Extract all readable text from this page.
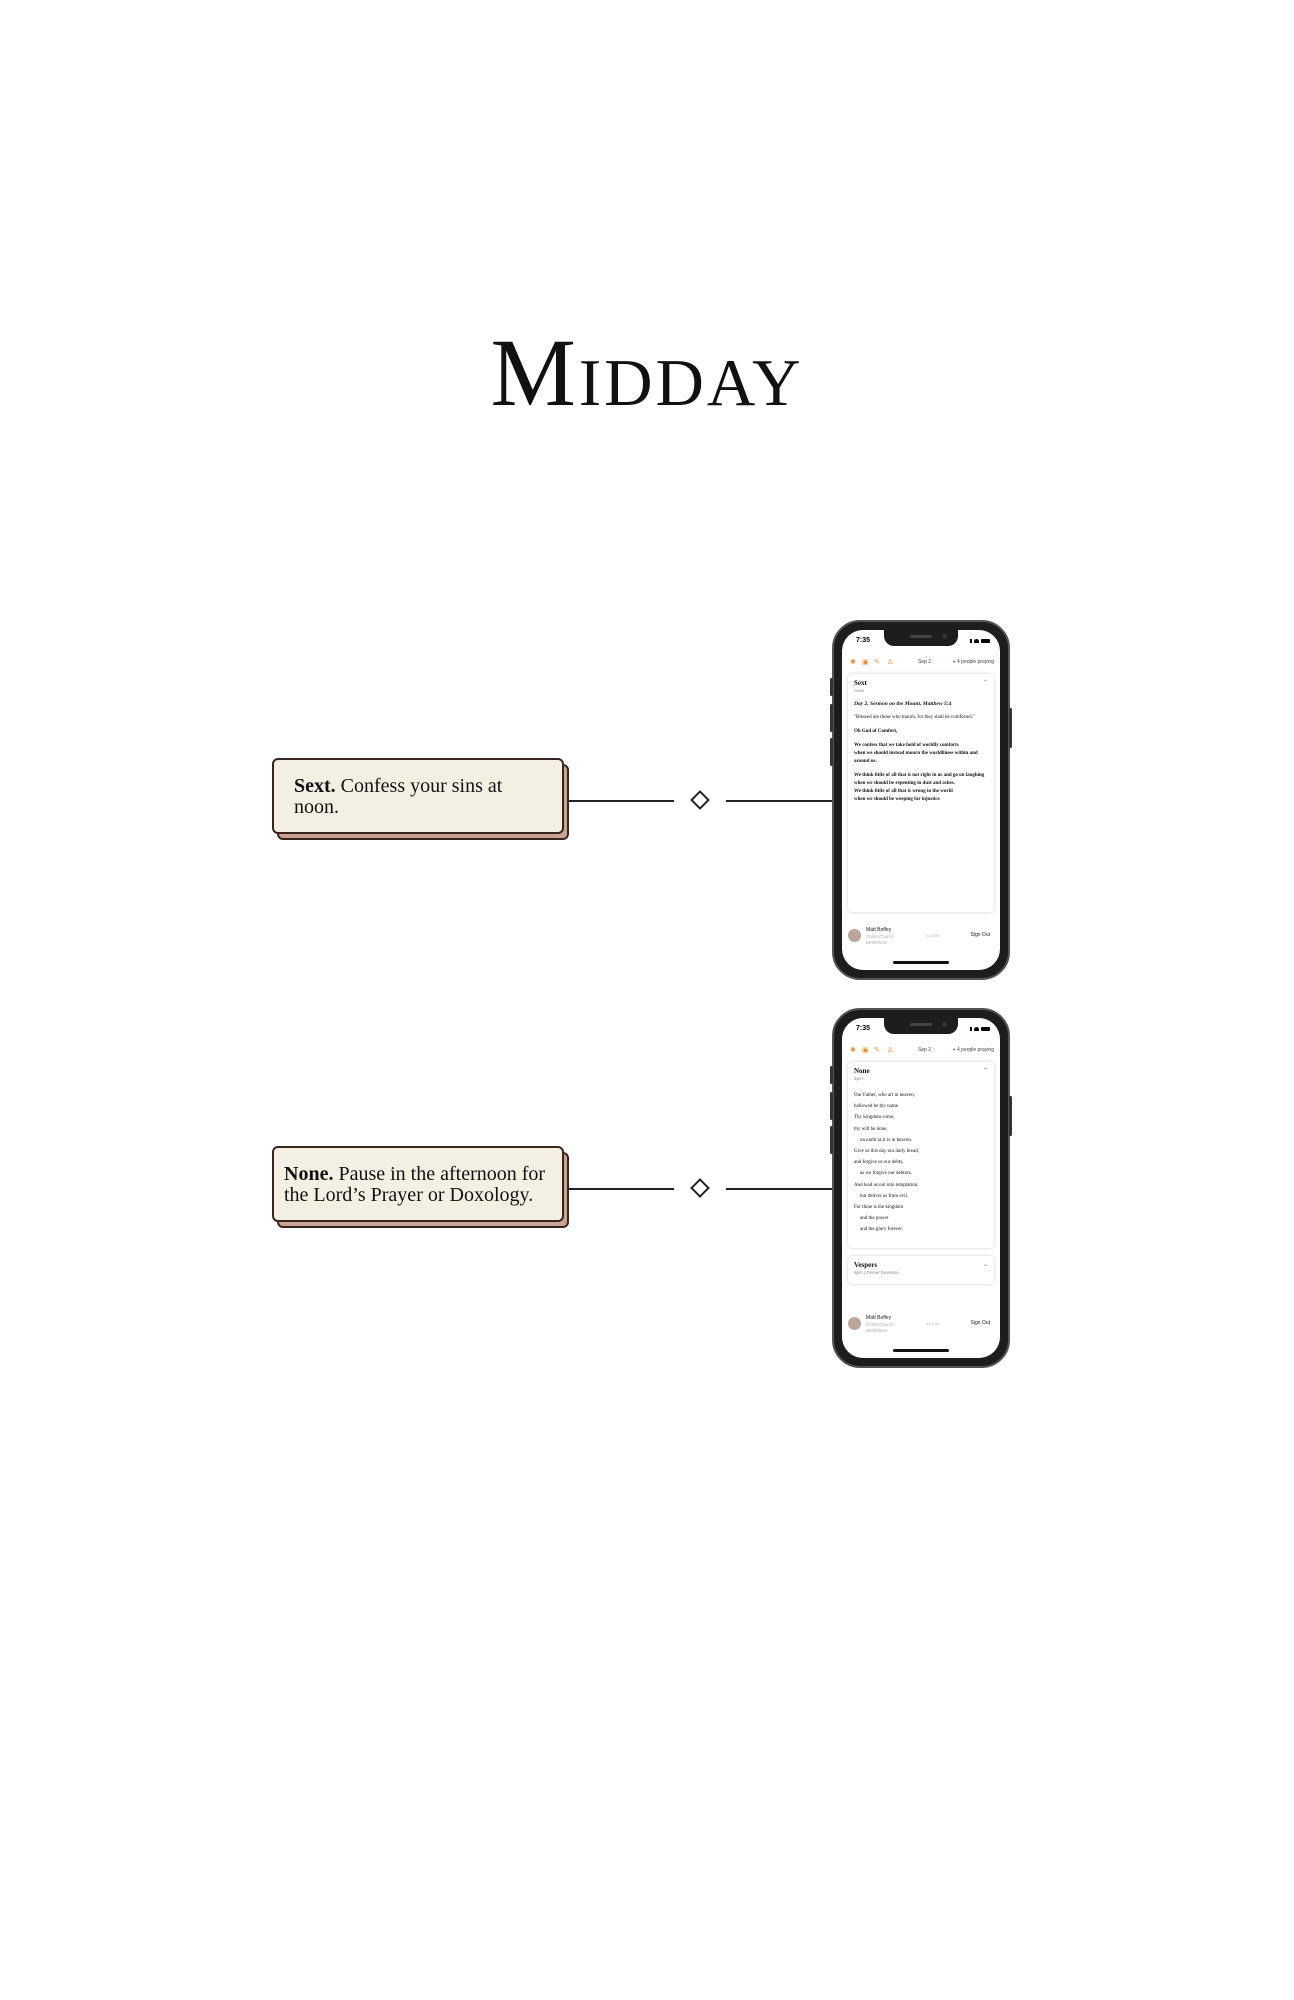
Midday
Sext. Confess your sins at noon.
7:35
✺ ▣ ✎ ♙	Sep 2	● 4 people praying
Sext
noon
⌃

Day 2, Sermon on the Mount, Matthew 5:4

"Blessed are those who mourn, for they shall be comforted."

Oh God of Comfort,

We confess that we take hold of worldly comforts

when we should instead mourn the worldliness within and around us.

We think little of all that is not right in us and go on laughing when we should be repenting in dust and ashes.

We think little of all that is wrong in the world

when we should be weeping for injustice

Matt Boffey
Christ Church Bethlehem
v1.4.00	Sign Out
None. Pause in the afternoon for the Lord’s Prayer or Doxology.
7:35
✺ ▣ ✎ ♙	Sep 2	● 4 people praying
None
3pm
⌃
Our Father, who art in heaven,
hallowed be thy name.
Thy kingdom come,
thy will be done,
on earth as it is in heaven.
Give us this day our daily bread,
and forgive us our debts,
as we forgive our debtors.
And lead us not into temptation,
but deliver us from evil.
For thine is the kingdom
and the power
and the glory forever.
Vespers
6pm | Dinner Devotion
⌄
Matt Boffey
Christ Church Bethlehem
v1.4.00	Sign Out
